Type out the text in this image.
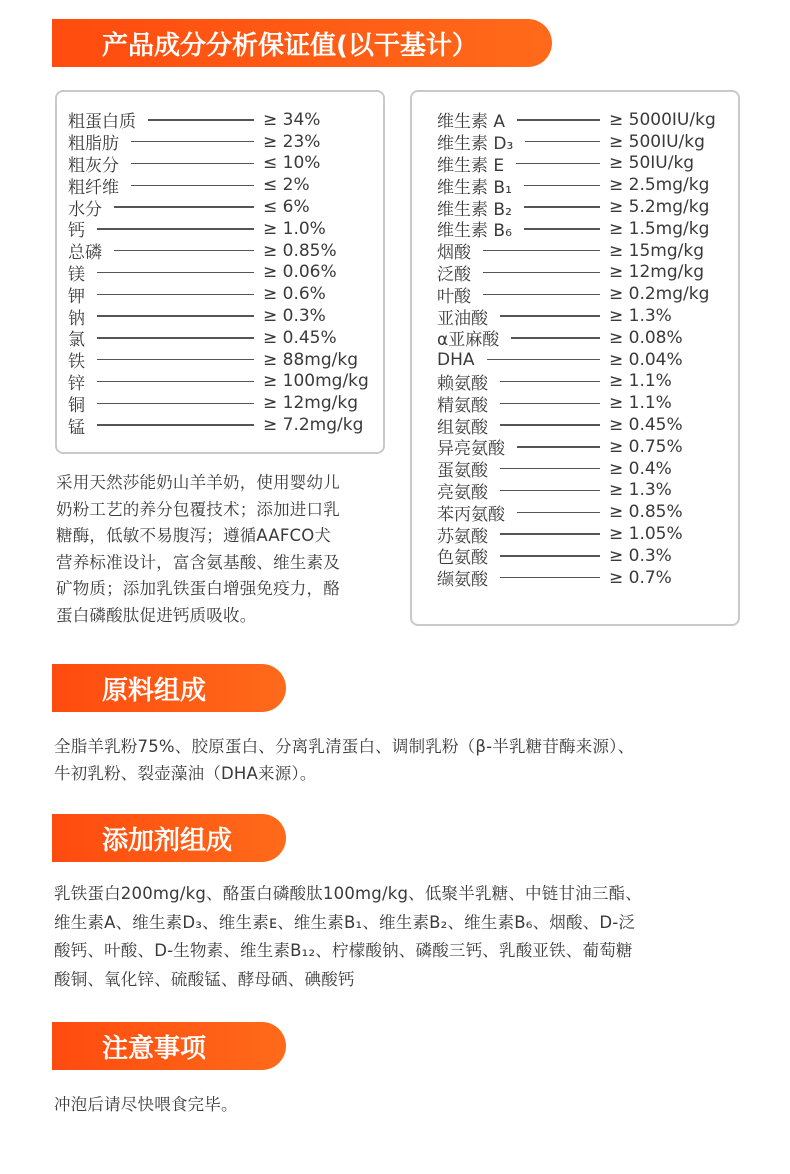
产品成分分析保证值(以干基计）
粗蛋白质	≥ 34%
粗脂肪	≥ 23%
粗灰分	≤ 10%
粗纤维	≤ 2%
水分	≤ 6%
钙	≥ 1.0%
总磷	≥ 0.85%
镁	≥ 0.06%
钾	≥ 0.6%
钠	≥ 0.3%
氯	≥ 0.45%
铁	≥ 88mg/kg
锌	≥ 100mg/kg
铜	≥ 12mg/kg
锰	≥ 7.2mg/kg
维生素 A	≥ 5000IU/kg
维生素 D₃	≥ 500IU/kg
维生素 E	≥ 50IU/kg
维生素 B₁	≥ 2.5mg/kg
维生素 B₂	≥ 5.2mg/kg
维生素 B₆	≥ 1.5mg/kg
烟酸	≥ 15mg/kg
泛酸	≥ 12mg/kg
叶酸	≥ 0.2mg/kg
亚油酸	≥ 1.3%
α亚麻酸	≥ 0.08%
DHA	≥ 0.04%
赖氨酸	≥ 1.1%
精氨酸	≥ 1.1%
组氨酸	≥ 0.45%
异亮氨酸	≥ 0.75%
蛋氨酸	≥ 0.4%
亮氨酸	≥ 1.3%
苯丙氨酸	≥ 0.85%
苏氨酸	≥ 1.05%
色氨酸	≥ 0.3%
缬氨酸	≥ 0.7%
采用天然莎能奶山羊羊奶，使用婴幼儿
奶粉工艺的养分包覆技术；添加进口乳
糖酶，低敏不易腹泻；遵循AAFCO犬
营养标准设计，富含氨基酸、维生素及
矿物质；添加乳铁蛋白增强免疫力，酪
蛋白磷酸肽促进钙质吸收。
原料组成
全脂羊乳粉75%、胶原蛋白、分离乳清蛋白、调制乳粉（β-半乳糖苷酶来源）、
牛初乳粉、裂壶藻油（DHA来源）。
添加剂组成
乳铁蛋白200mg/kg、酪蛋白磷酸肽100mg/kg、低聚半乳糖、中链甘油三酯、
维生素A、维生素D₃、维生素ᴇ、维生素B₁、维生素B₂、维生素B₆、烟酸、D-泛
酸钙、叶酸、D-生物素、维生素B₁₂、柠檬酸钠、磷酸三钙、乳酸亚铁、葡萄糖
酸铜、氧化锌、硫酸锰、酵母硒、碘酸钙
注意事项
冲泡后请尽快喂食完毕。
